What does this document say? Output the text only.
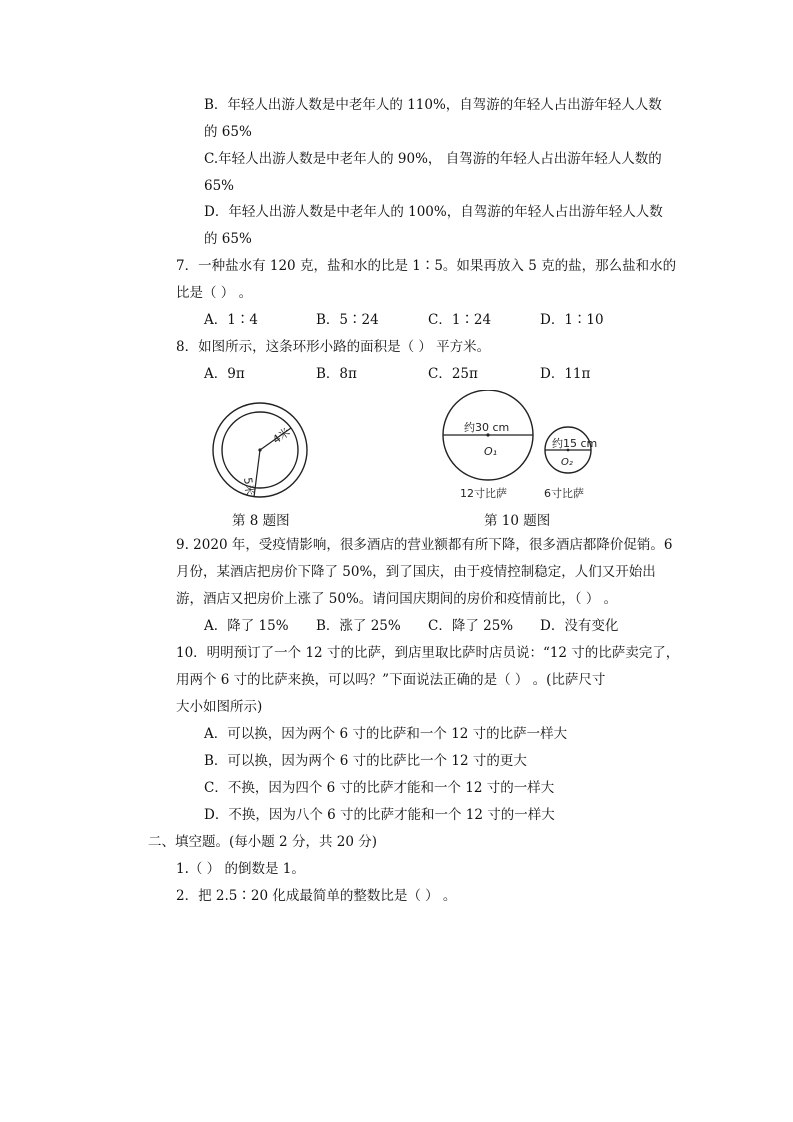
B．年轻人出游人数是中老年人的 110%，自驾游的年轻人占出游年轻人人数
的 65%
C.年轻人出游人数是中老年人的 90%， 自驾游的年轻人占出游年轻人人数的
65%
D．年轻人出游人数是中老年人的 100%，自驾游的年轻人占出游年轻人人数
的 65%
7．一种盐水有 120 克，盐和水的比是 1∶5。如果再放入 5 克的盐，那么盐和水的
比是（ ） 。
A．1∶4	B．5∶24	C．1∶24	D．1∶10
8．如图所示，这条环形小路的面积是（ ） 平方米。
A．9π	B．8π	C．25π	D．11π
4米
5米
约30 cm
O₁
约15 cm
O₂
12寸比萨	6寸比萨
第 8 题图	第 10 题图
9. 2020 年，受疫情影响，很多酒店的营业额都有所下降，很多酒店都降价促销。6
月份，某酒店把房价下降了 50%，到了国庆，由于疫情控制稳定，人们又开始出
游，酒店又把房价上涨了 50%。请问国庆期间的房价和疫情前比，（ ） 。
A．降了 15% B．涨了 25% C．降了 25% D．没有变化
10．明明预订了一个 12 寸的比萨，到店里取比萨时店员说：“12 寸的比萨卖完了，
用两个 6 寸的比萨来换，可以吗？”下面说法正确的是（ ） 。(比萨尺寸
大小如图所示)
A．可以换，因为两个 6 寸的比萨和一个 12 寸的比萨一样大
B．可以换，因为两个 6 寸的比萨比一个 12 寸的更大
C．不换，因为四个 6 寸的比萨才能和一个 12 寸的一样大
D．不换，因为八个 6 寸的比萨才能和一个 12 寸的一样大
二、填空题。(每小题 2 分，共 20 分)
1.（ ） 的倒数是 1。
2．把 2.5∶20 化成最简单的整数比是（ ） 。
